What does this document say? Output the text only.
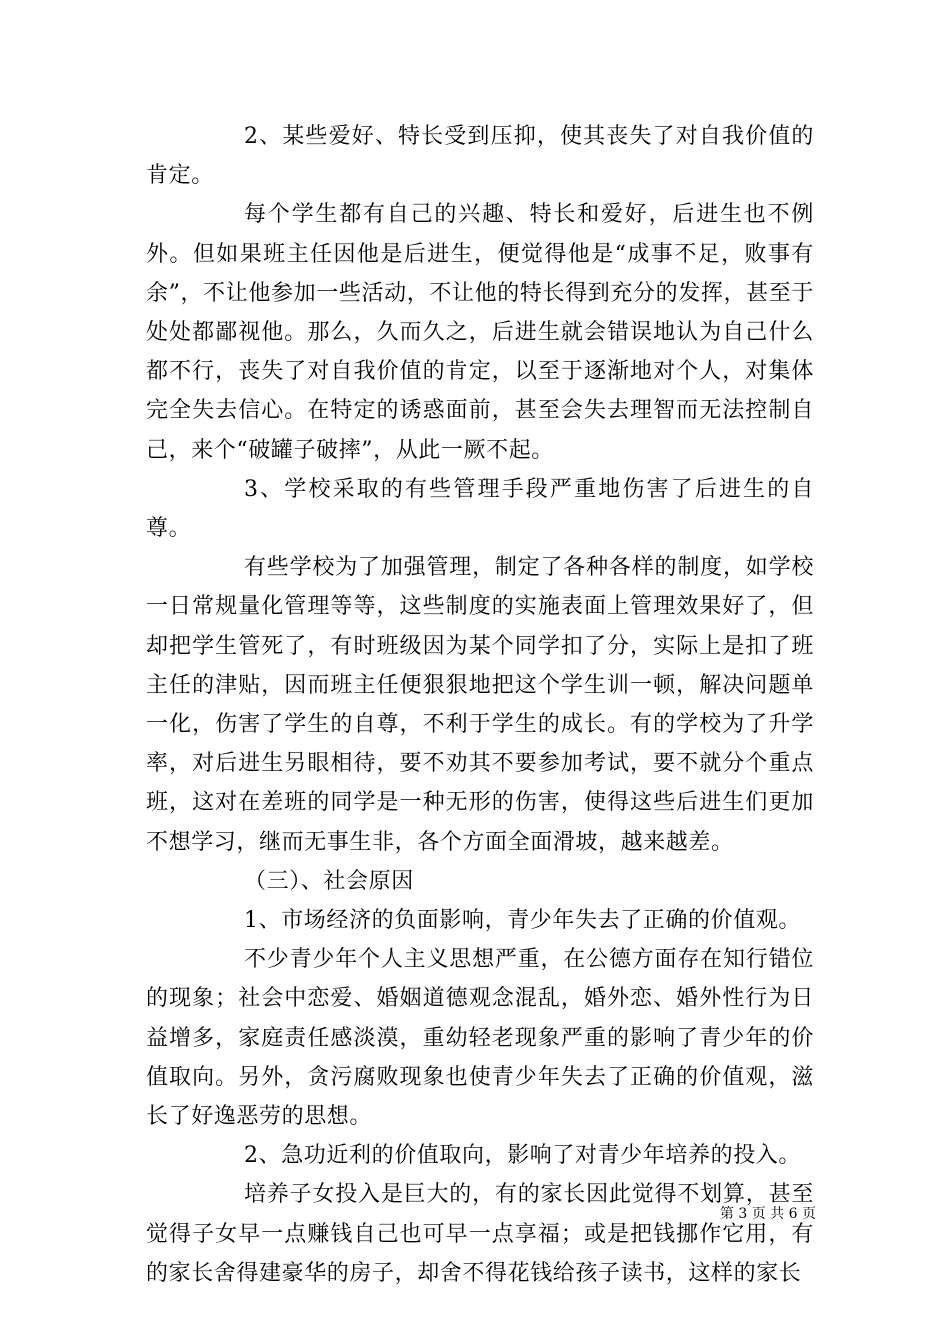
2、某些爱好、特长受到压抑，使其丧失了对自我价值的肯定。

每个学生都有自己的兴趣、特长和爱好，后进生也不例外。但如果班主任因他是后进生，便觉得他是“成事不足，败事有余”，不让他参加一些活动，不让他的特长得到充分的发挥，甚至于处处都鄙视他。那么，久而久之，后进生就会错误地认为自己什么都不行，丧失了对自我价值的肯定，以至于逐渐地对个人，对集体完全失去信心。在特定的诱惑面前，甚至会失去理智而无法控制自己，来个“破罐子破摔”，从此一厥不起。

3、学校采取的有些管理手段严重地伤害了后进生的自尊。

有些学校为了加强管理，制定了各种各样的制度，如学校一日常规量化管理等等，这些制度的实施表面上管理效果好了，但却把学生管死了，有时班级因为某个同学扣了分，实际上是扣了班主任的津贴，因而班主任便狠狠地把这个学生训一顿，解决问题单一化，伤害了学生的自尊，不利于学生的成长。有的学校为了升学率，对后进生另眼相待，要不劝其不要参加考试，要不就分个重点班，这对在差班的同学是一种无形的伤害，使得这些后进生们更加不想学习，继而无事生非，各个方面全面滑坡，越来越差。

（三）、社会原因

1、市场经济的负面影响，青少年失去了正确的价值观。

不少青少年个人主义思想严重，在公德方面存在知行错位的现象；社会中恋爱、婚姻道德观念混乱，婚外恋、婚外性行为日益增多，家庭责任感淡漠，重幼轻老现象严重的影响了青少年的价值取向。另外，贪污腐败现象也使青少年失去了正确的价值观，滋长了好逸恶劳的思想。

2、急功近利的价值取向，影响了对青少年培养的投入。

培养子女投入是巨大的，有的家长因此觉得不划算，甚至觉得子女早一点赚钱自己也可早一点享福；或是把钱挪作它用，有的家长舍得建豪华的房子，却舍不得花钱给孩子读书，这样的家长

第 3 页 共 6 页
